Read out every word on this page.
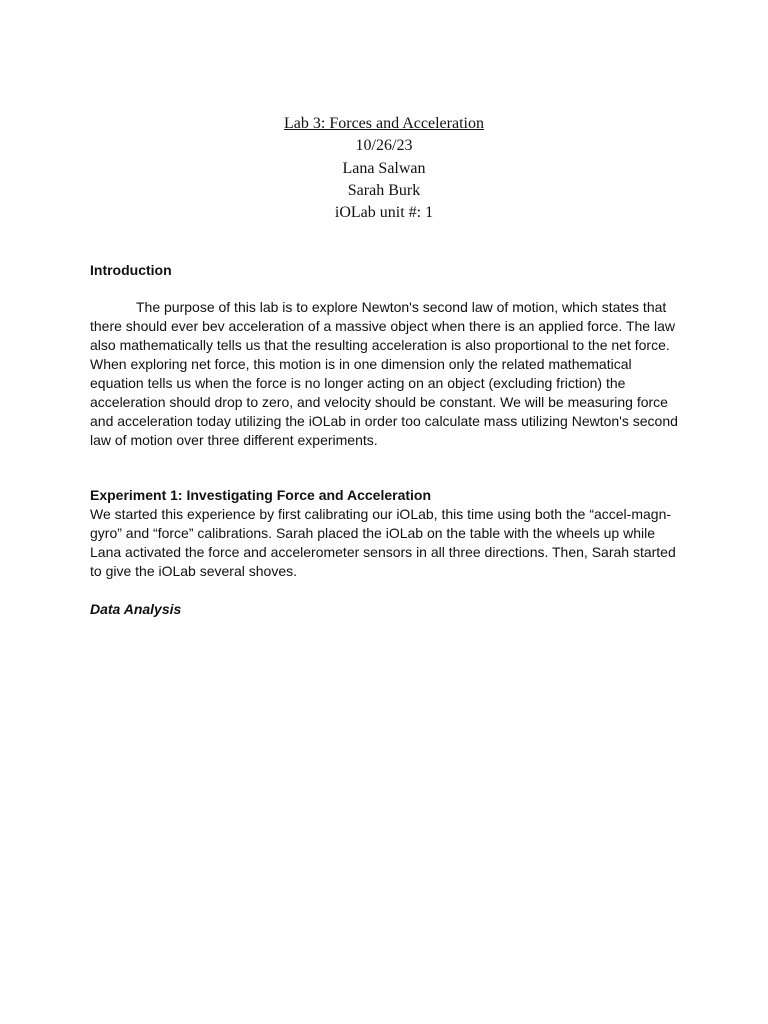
Lab 3: Forces and Acceleration
10/26/23
Lana Salwan
Sarah Burk
iOLab unit #: 1
Introduction

The purpose of this lab is to explore Newton's second law of motion, which states that there should ever bev acceleration of a massive object when there is an applied force. The law also mathematically tells us that the resulting acceleration is also proportional to the net force. When exploring net force, this motion is in one dimension only the related mathematical equation tells us when the force is no longer acting on an object (excluding friction) the acceleration should drop to zero, and velocity should be constant. We will be measuring force and acceleration today utilizing the iOLab in order too calculate mass utilizing Newton's second law of motion over three different experiments.

Experiment 1: Investigating Force and Acceleration

We started this experience by first calibrating our iOLab, this time using both the “accel-magn-gyro” and “force” calibrations. Sarah placed the iOLab on the table with the wheels up while Lana activated the force and accelerometer sensors in all three directions. Then, Sarah started to give the iOLab several shoves.

Data Analysis
